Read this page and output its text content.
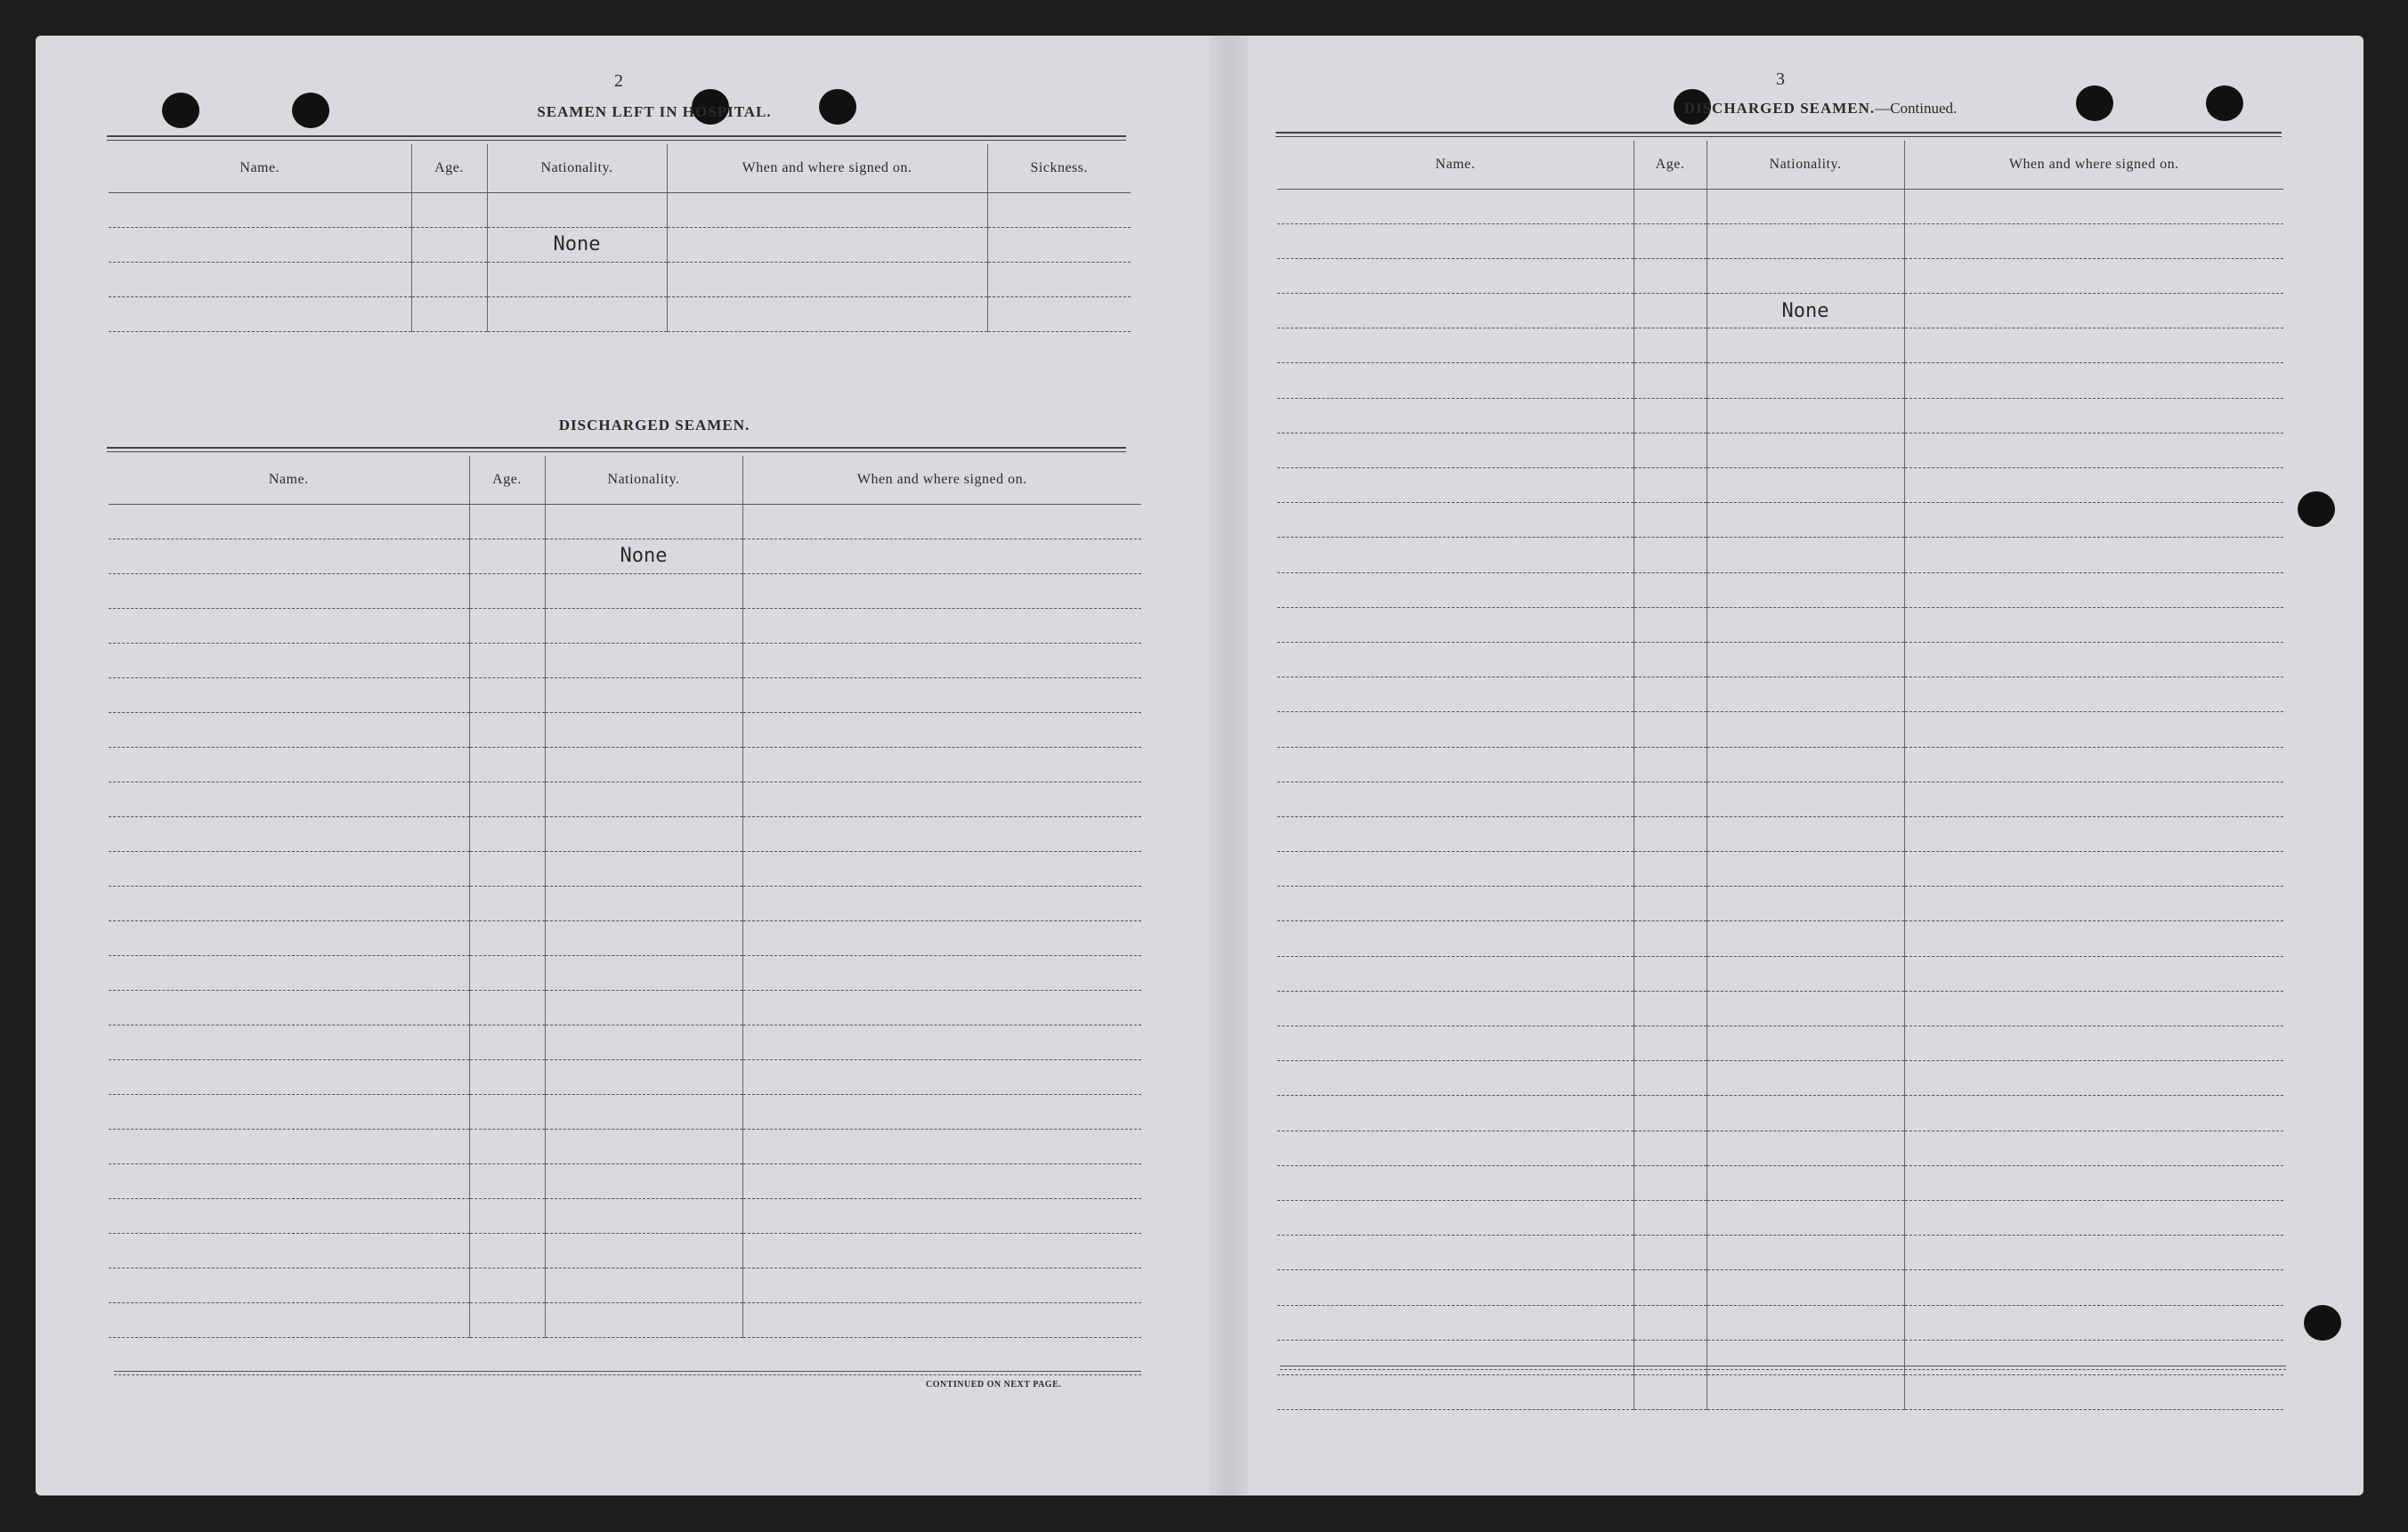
2
SEAMEN LEFT IN HOSPITAL.
Name.	Age.	Nationality.	When and where signed on.	Sickness.

		None		

DISCHARGED SEAMEN.
Name.	Age.	Nationality.	When and where signed on.

		None	

CONTINUED ON NEXT PAGE.
3
DISCHARGED SEAMEN.—Continued.
Name.	Age.	Nationality.	When and where signed on.

		None	
